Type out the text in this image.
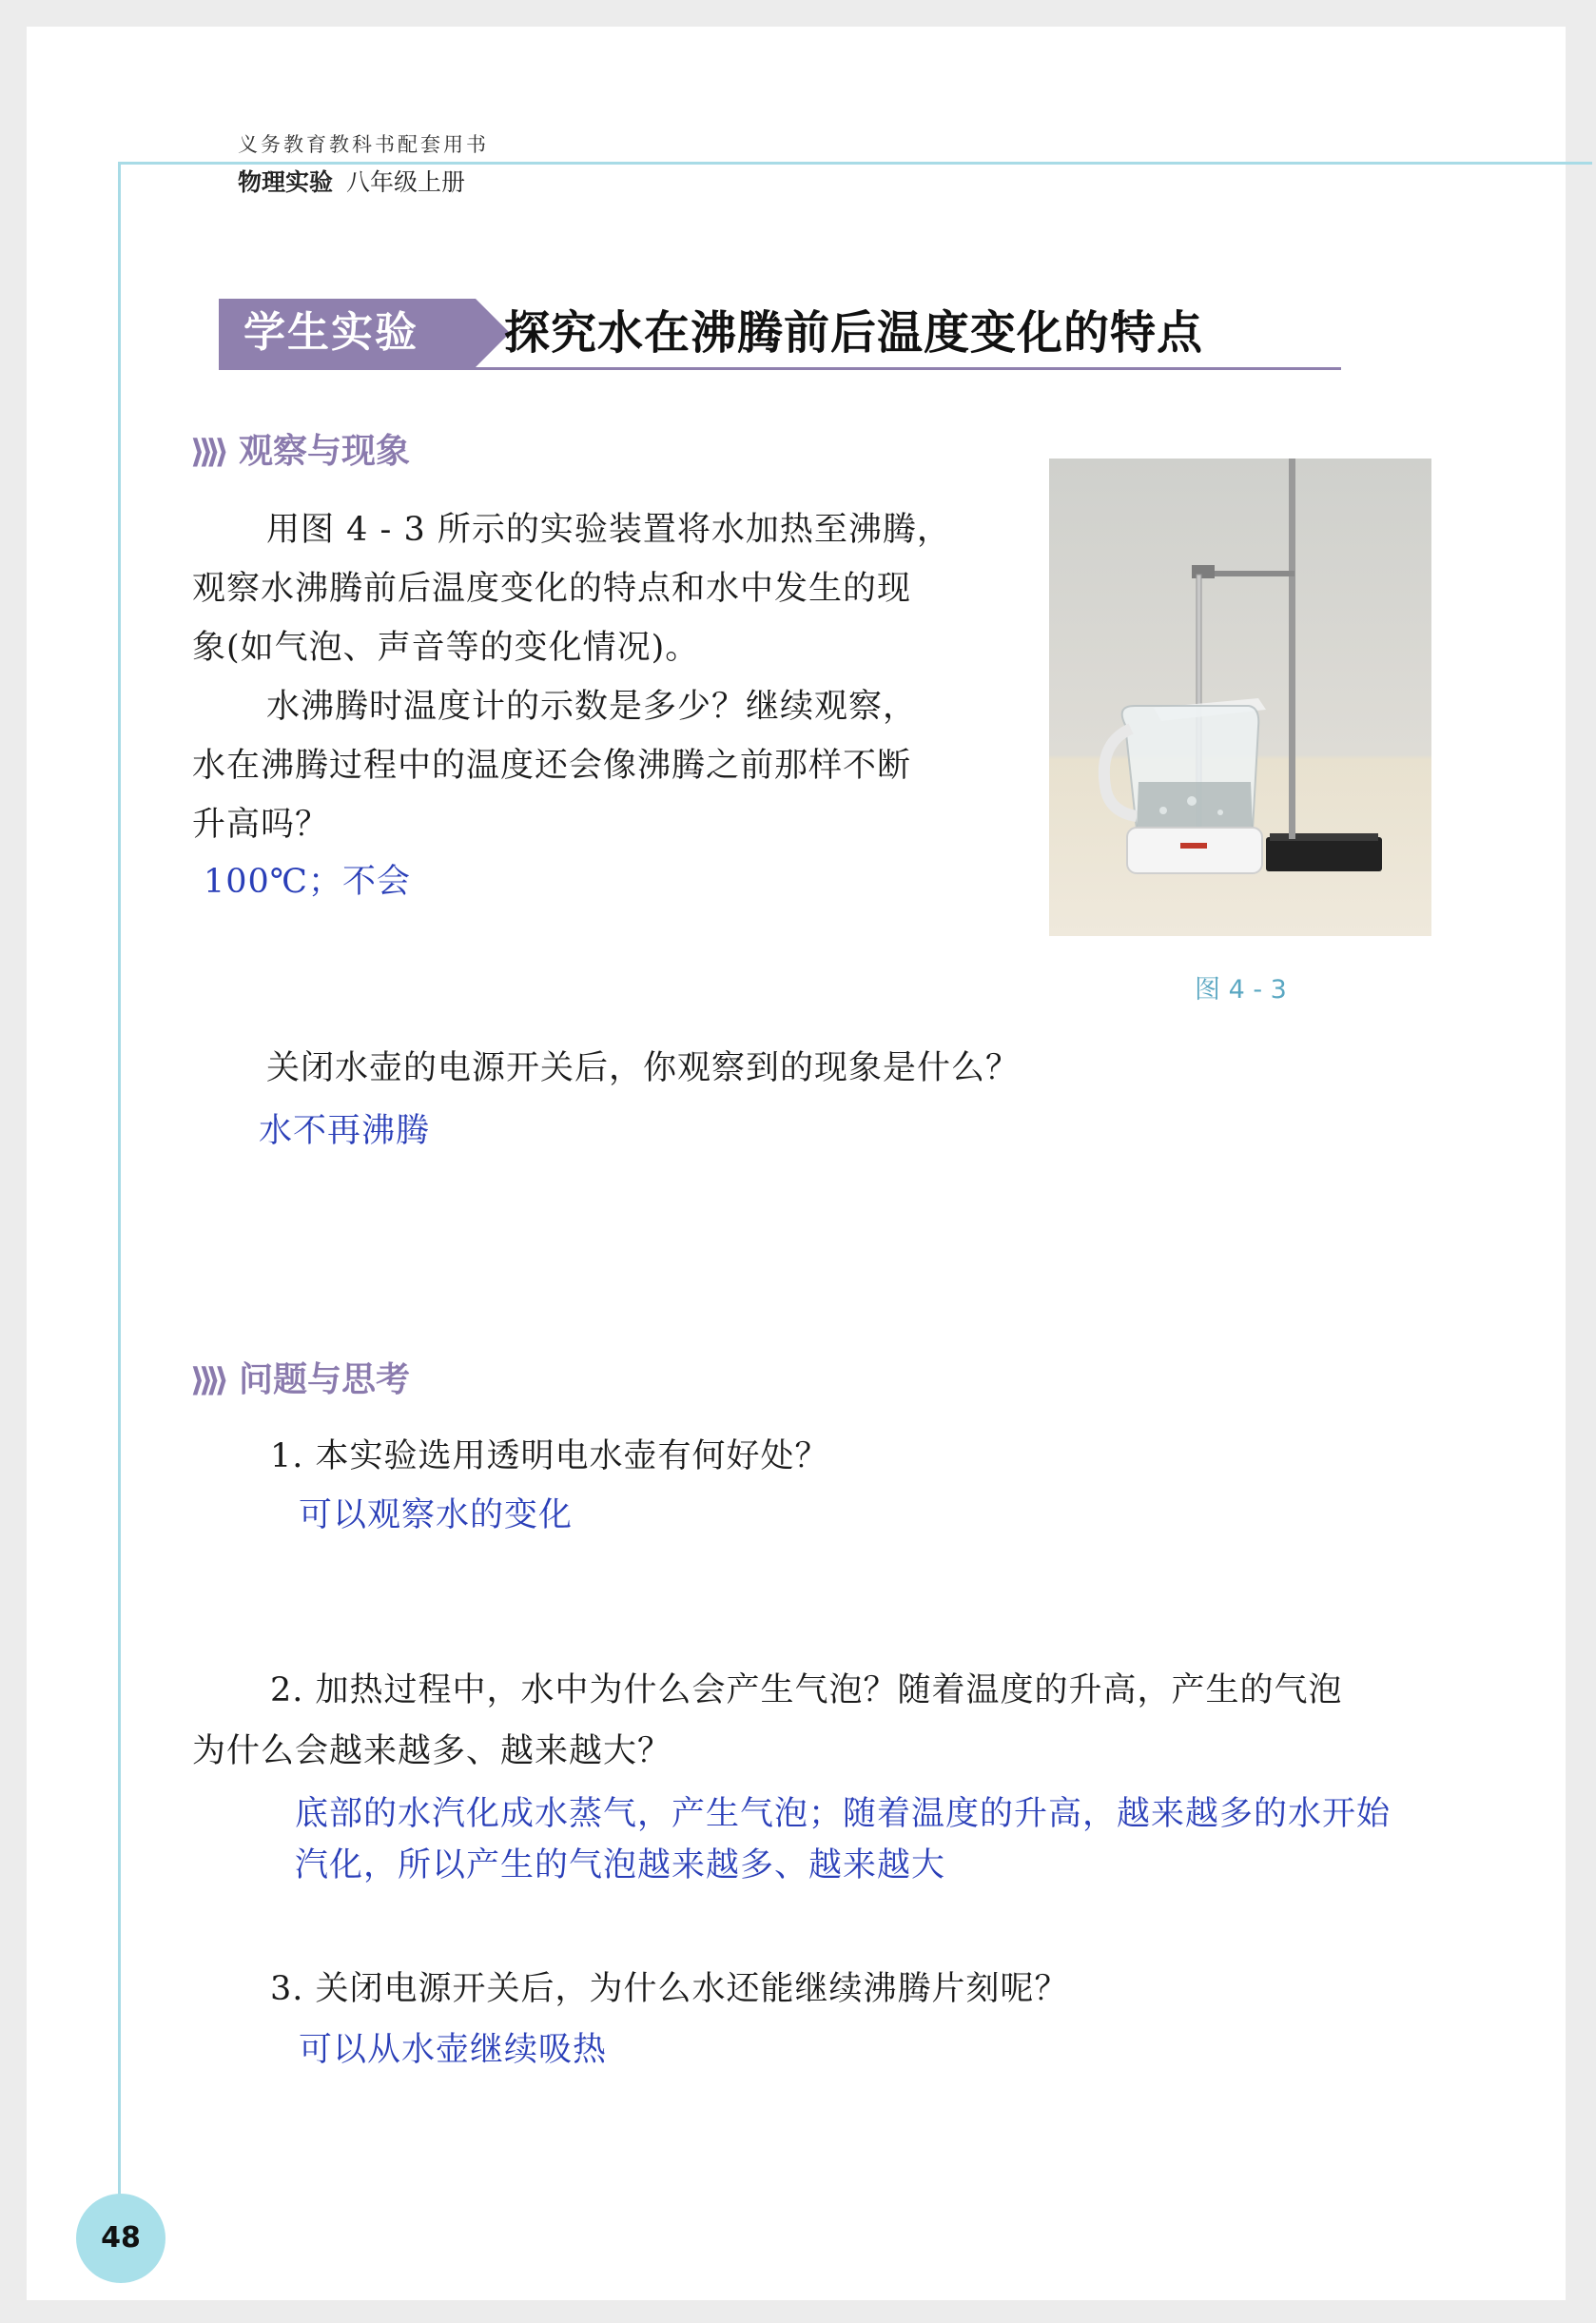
义务教育教科书配套用书
物理实验 八年级上册
学生实验	探究水在沸腾前后温度变化的特点
⟫⟫ 观察与现象
用图 4 - 3 所示的实验装置将水加热至沸腾，
观察水沸腾前后温度变化的特点和水中发生的现
象(如气泡、声音等的变化情况)。
水沸腾时温度计的示数是多少？继续观察，
水在沸腾过程中的温度还会像沸腾之前那样不断
升高吗？
100℃；不会
图 4 - 3
关闭水壶的电源开关后，你观察到的现象是什么？
水不再沸腾
⟫⟫ 问题与思考
1. 本实验选用透明电水壶有何好处？
可以观察水的变化
2. 加热过程中，水中为什么会产生气泡？随着温度的升高，产生的气泡
为什么会越来越多、越来越大？
底部的水汽化成水蒸气，产生气泡；随着温度的升高，越来越多的水开始
汽化，所以产生的气泡越来越多、越来越大
3. 关闭电源开关后，为什么水还能继续沸腾片刻呢？
可以从水壶继续吸热
48
